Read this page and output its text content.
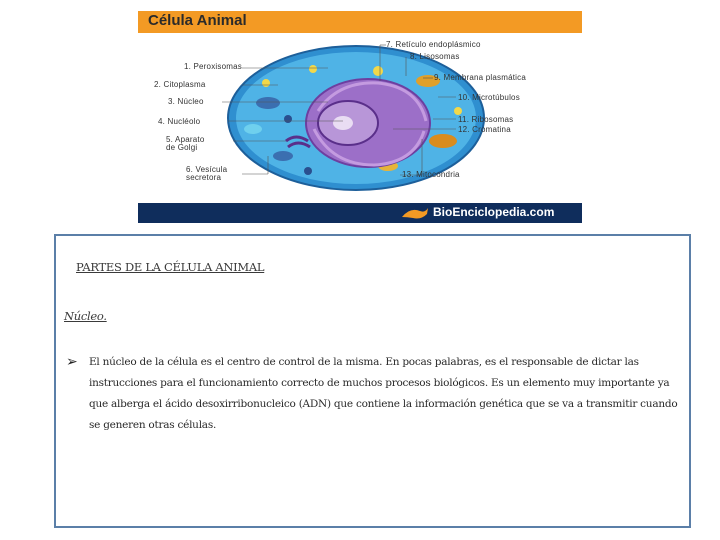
Célula Animal
1. Peroxisomas
2. Citoplasma
3. Núcleo
4. Nucléolo
5. Aparato
de Golgi
6. Vesícula
secretora
7. Retículo endoplásmico
8. Lisosomas
9. Membrana plasmática
10. Microtúbulos
11. Ribosomas
12. Cromatina
13. Mitocondria
BioEnciclopedia.com
PARTES DE LA CÉLULA ANIMAL
Núcleo.
➢ El núcleo de la célula es el centro de control de la misma. En pocas palabras, es el responsable de dictar las instrucciones para el funcionamiento correcto de muchos procesos biológicos. Es un elemento muy importante ya que alberga el ácido desoxirribonucleico (ADN) que contiene la información genética que se va a transmitir cuando se generen otras células.
